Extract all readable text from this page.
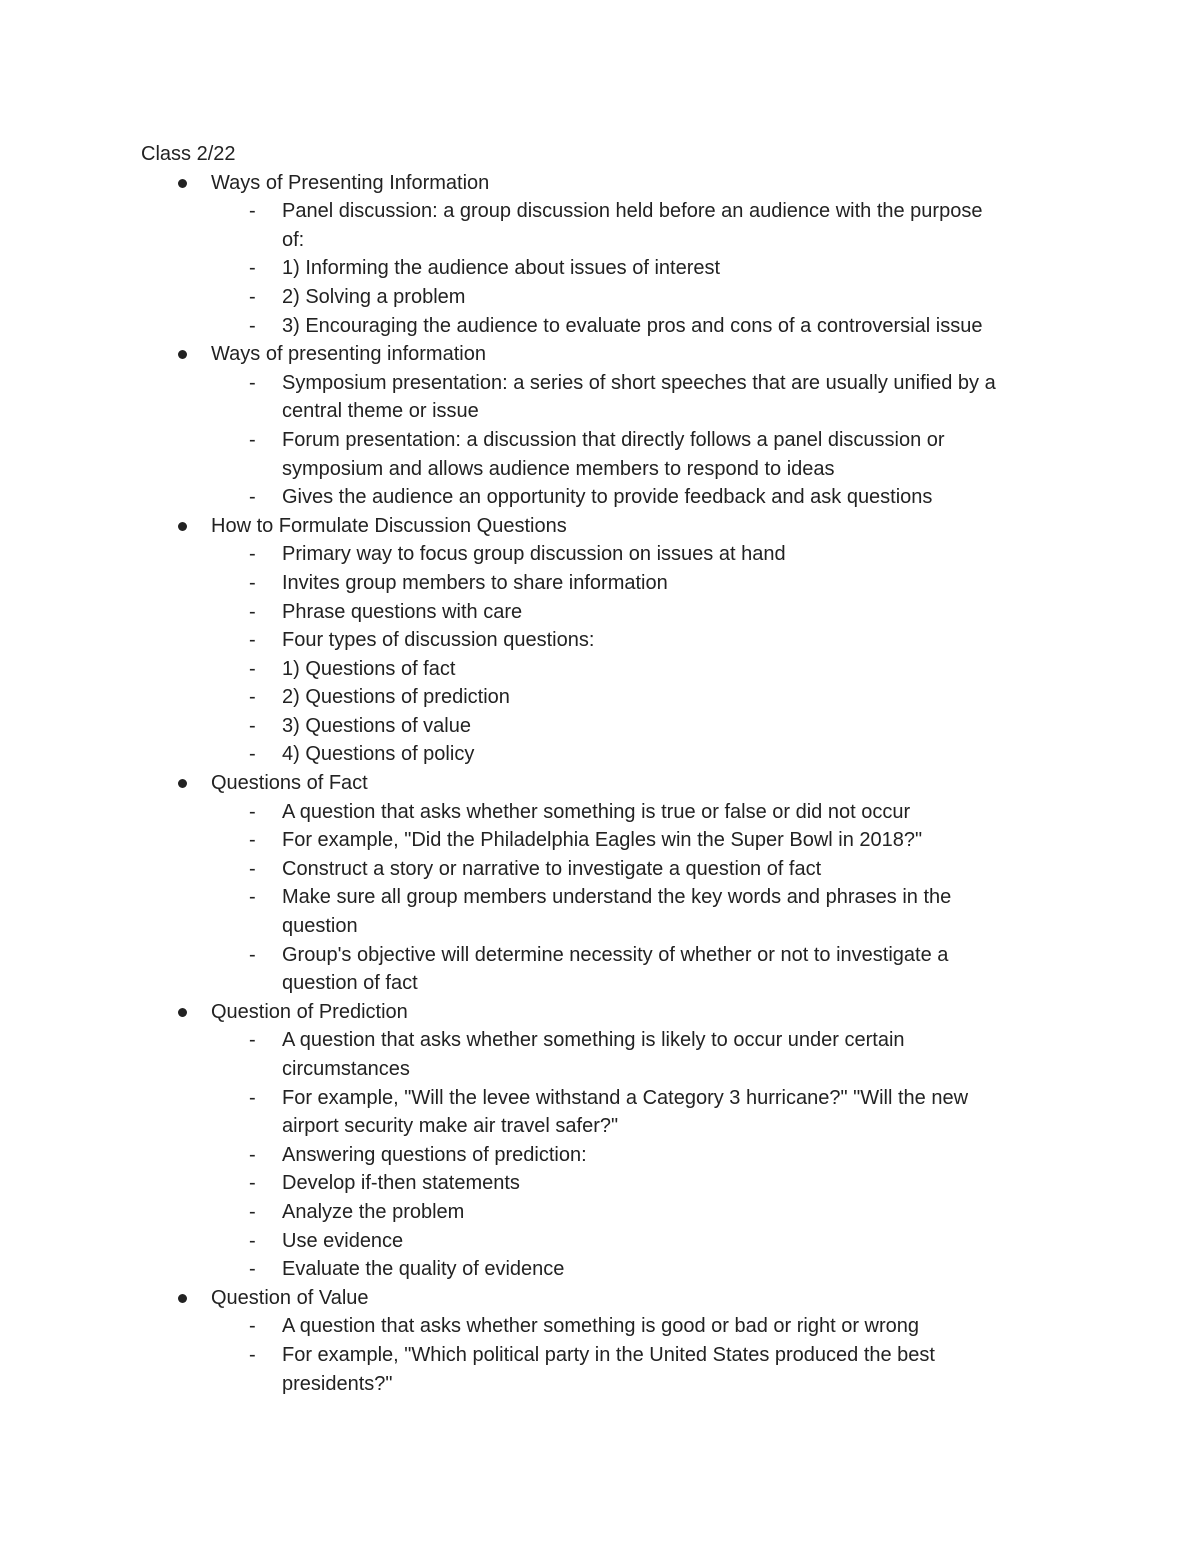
Class 2/22
Ways of Presenting Information
- Panel discussion: a group discussion held before an audience with the purpose
of:
- 1) Informing the audience about issues of interest
- 2) Solving a problem
- 3) Encouraging the audience to evaluate pros and cons of a controversial issue
Ways of presenting information
- Symposium presentation: a series of short speeches that are usually unified by a
central theme or issue
- Forum presentation: a discussion that directly follows a panel discussion or
symposium and allows audience members to respond to ideas
- Gives the audience an opportunity to provide feedback and ask questions
How to Formulate Discussion Questions
- Primary way to focus group discussion on issues at hand
- Invites group members to share information
- Phrase questions with care
- Four types of discussion questions:
- 1) Questions of fact
- 2) Questions of prediction
- 3) Questions of value
- 4) Questions of policy
Questions of Fact
- A question that asks whether something is true or false or did not occur
- For example, "Did the Philadelphia Eagles win the Super Bowl in 2018?"
- Construct a story or narrative to investigate a question of fact
- Make sure all group members understand the key words and phrases in the
question
- Group's objective will determine necessity of whether or not to investigate a
question of fact
Question of Prediction
- A question that asks whether something is likely to occur under certain
circumstances
- For example, "Will the levee withstand a Category 3 hurricane?" "Will the new
airport security make air travel safer?"
- Answering questions of prediction:
- Develop if-then statements
- Analyze the problem
- Use evidence
- Evaluate the quality of evidence
Question of Value
- A question that asks whether something is good or bad or right or wrong
- For example, "Which political party in the United States produced the best
presidents?"
